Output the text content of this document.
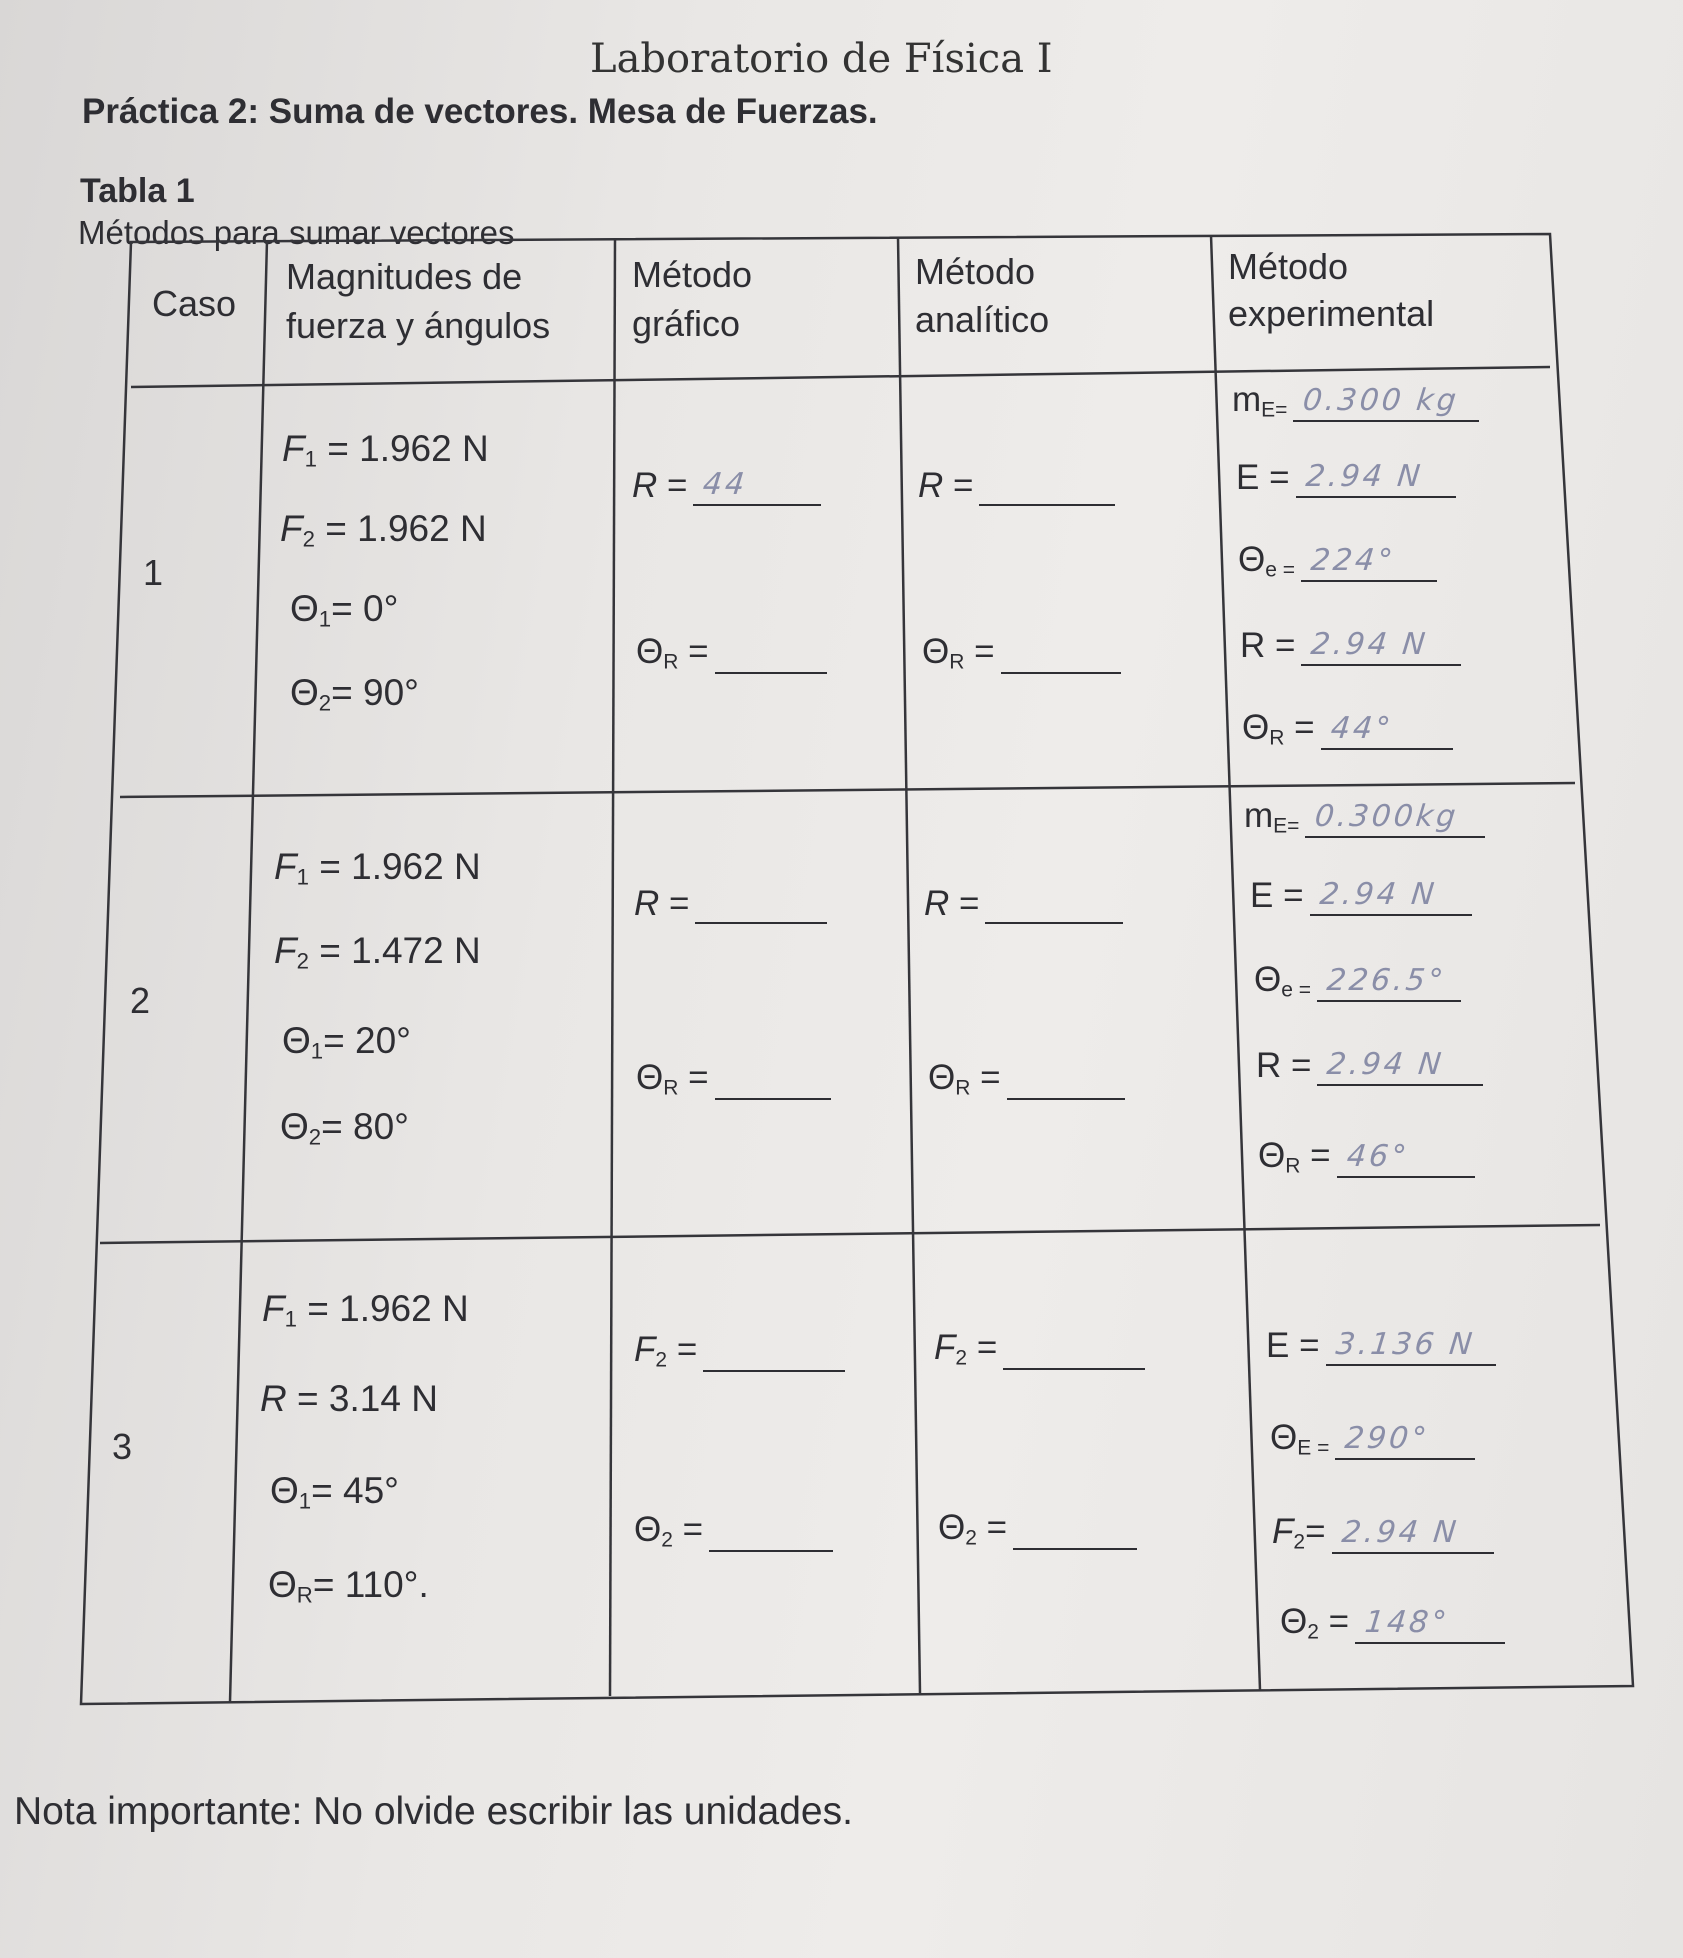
Laboratorio de Física I
Práctica 2: Suma de vectores. Mesa de Fuerzas.
Tabla 1
Métodos para sumar vectores
Caso
Magnitudes de
fuerza y ángulos
Método
gráfico
Método
analítico
Método
experimental
1
$F_1 = 1.962$ N
$F_2 = 1.962$ N
$\Theta_1= 0^\circ$
$\Theta_2= 90^\circ$
R = 44
$\Theta_R$ =
R =
$\Theta_R$ =
$m_{E=}$ 0.300 kg
E = 2.94 N
$\Theta_{e =}$ 224°
R = 2.94 N
$\Theta_R = 44^\circ$
2
$F_1 = 1.962$ N
$F_2 = 1.472$ N
$\Theta_1= 20^\circ$
$\Theta_2= 80^\circ$
R =
$\Theta_R$ =
R =
$\Theta_R$ =
$m_{E=}$ 0.300kg
E = 2.94 N
$\Theta_{e =}$ 226.5°
R = 2.94 N
$\Theta_R = 46^\circ$
3
$F_1 = 1.962$ N
R = 3.14 N
$\Theta_1= 45^\circ$
$\Theta_R= 110^\circ$.
$F_2$ =
$\Theta_2$ =
$F_2$ =
$\Theta_2$ =
E = 3.136 N
$\Theta_{E =}$ 290°
$F_2= 2.94$ N
$\Theta_2 = 148^\circ$
Nota importante: No olvide escribir las unidades.
